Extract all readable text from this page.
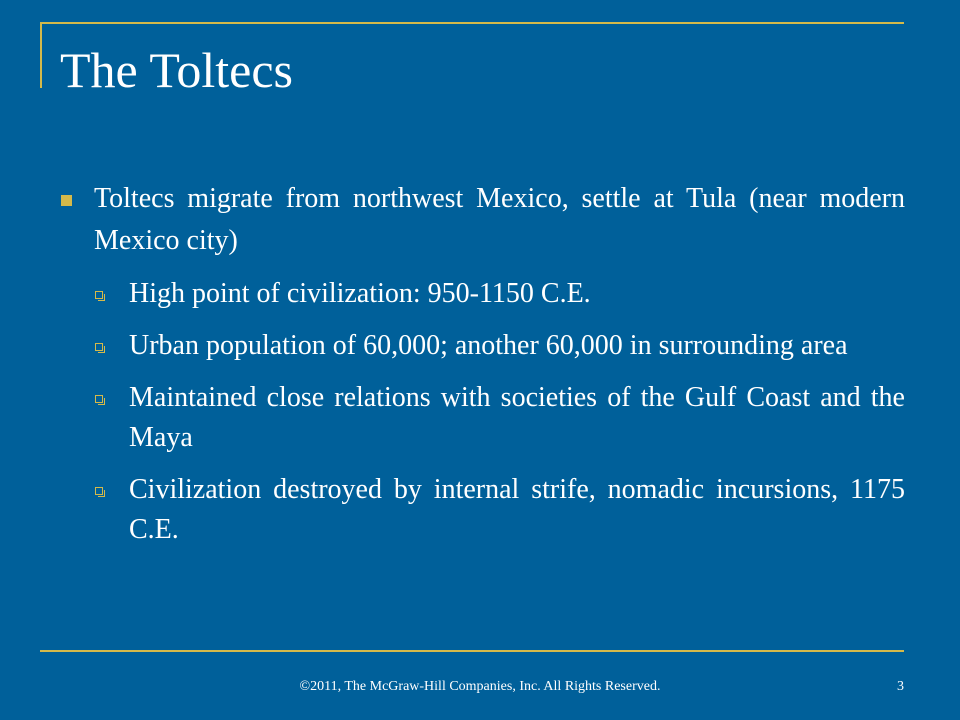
The Toltecs
Toltecs migrate from northwest Mexico, settle at Tula (near modern Mexico city)
High point of civilization: 950-1150 C.E.
Urban population of 60,000; another 60,000 in surrounding area
Maintained close relations with societies of the Gulf Coast and the Maya
Civilization destroyed by internal strife, nomadic incursions, 1175 C.E.
©2011, The McGraw-Hill Companies, Inc. All Rights Reserved.	3
